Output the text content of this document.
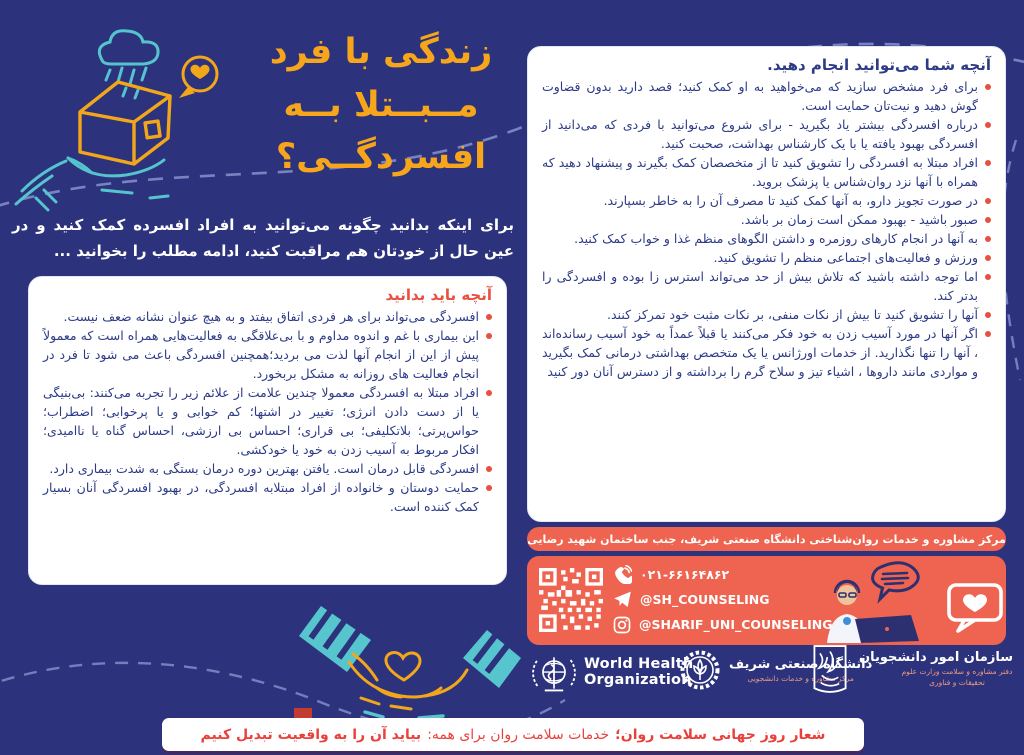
زندگی با فرد
مــبــتلا بــه
افسردگــی؟

برای اینکه بدانید چگونه می‌توانید به افراد افسرده کمک کنید و در عین حال از خودتان هم مراقبت کنید، ادامه مطلب را بخوانید ...

آنچه باید بدانید
افسردگی می‌تواند برای هر فردی اتفاق بیفتد و به هیچ عنوان نشانه ضعف نیست.
این بیماری با غم و اندوه مداوم و با بی‌علاقگی به فعالیت‌هایی همراه است که معمولاً پیش از این از انجام آنها لذت می بردید؛همچنین افسردگی باعث می شود تا فرد در انجام فعالیت های روزانه به مشکل بربخورد.
افراد مبتلا به افسردگی معمولا چندین علامت از علائم زیر را تجربه می‌کنند: بی‌بنیگی یا از دست دادن انرژی؛ تغییر در اشتها؛ کم خوابی و یا پرخوابی؛ اضطراب؛ حواس‌پرتی؛ بلاتکلیفی؛ بی قراری؛ احساس بی ارزشی، احساس گناه یا ناامیدی؛ افکار مربوط به آسیب زدن به خود یا خودکشی.
افسردگی قابل درمان است. یافتن بهترین دوره درمان بستگی به شدت بیماری دارد.
حمایت دوستان و خانواده از افراد مبتلابه افسردگی، در بهبود افسردگی آنان بسیار کمک کننده است.
آنچه شما می‌توانید انجام دهید.
برای فرد مشخص سازید که می‌خواهید به او کمک کنید؛ قصد دارید بدون قضاوت گوش دهید و نیت‌تان حمایت است.
درباره افسردگی بیشتر یاد بگیرید - برای شروع می‌توانید با فردی که می‌دانید از افسردگی بهبود یافته یا با یک کارشناس بهداشت، صحبت کنید.
افراد مبتلا به افسردگی را تشویق کنید تا از متخصصان کمک بگیرند و پیشنهاد دهید که همراه با آنها نزد روان‌شناس یا پزشک بروید.
در صورت تجویز دارو، به آنها کمک کنید تا مصرف آن را به خاطر بسپارند.
صبور باشید - بهبود ممکن است زمان بر باشد.
به آنها در انجام کارهای روزمره و داشتن الگوهای منظم غذا و خواب کمک کنید.
ورزش و فعالیت‌های اجتماعی منظم را تشویق کنید.
اما توجه داشته باشید که تلاش بیش از حد می‌تواند استرس زا بوده و افسردگی را بدتر کند.
آنها را تشویق کنید تا بیش از نکات منفی، بر نکات مثبت خود تمرکز کنند.
اگر آنها در مورد آسیب زدن به خود فکر می‌کنند یا قبلاً عمداً به خود آسیب رسانده‌اند ، آنها را تنها نگذارید. از خدمات اورژانس یا یک متخصص بهداشتی درمانی کمک بگیرید و مواردی مانند داروها ، اشیاء تیز و سلاح گرم را برداشته و از دسترس آنان دور کنید
مرکز مشاوره و خدمات روان‌شناختی دانشگاه صنعتی شریف، جنب ساختمان شهید رضایی
۰۲۱-۶۶۱۶۴۸۶۲
@SH_COUNSELING
@SHARIF_UNI_COUNSELING
World Health
Organization
دانشگاه صنعتی شریف
مرکز مشاوره و خدمات دانشجویی
سازمان امور دانشجویان
دفتر مشاوره و سلامت وزارت علوم تحقیقات و فناوری
شعار روز جهانی سلامت روان؛
خدمات سلامت روان برای همه:
بیاید آن را به واقعیت تبدیل کنیم
